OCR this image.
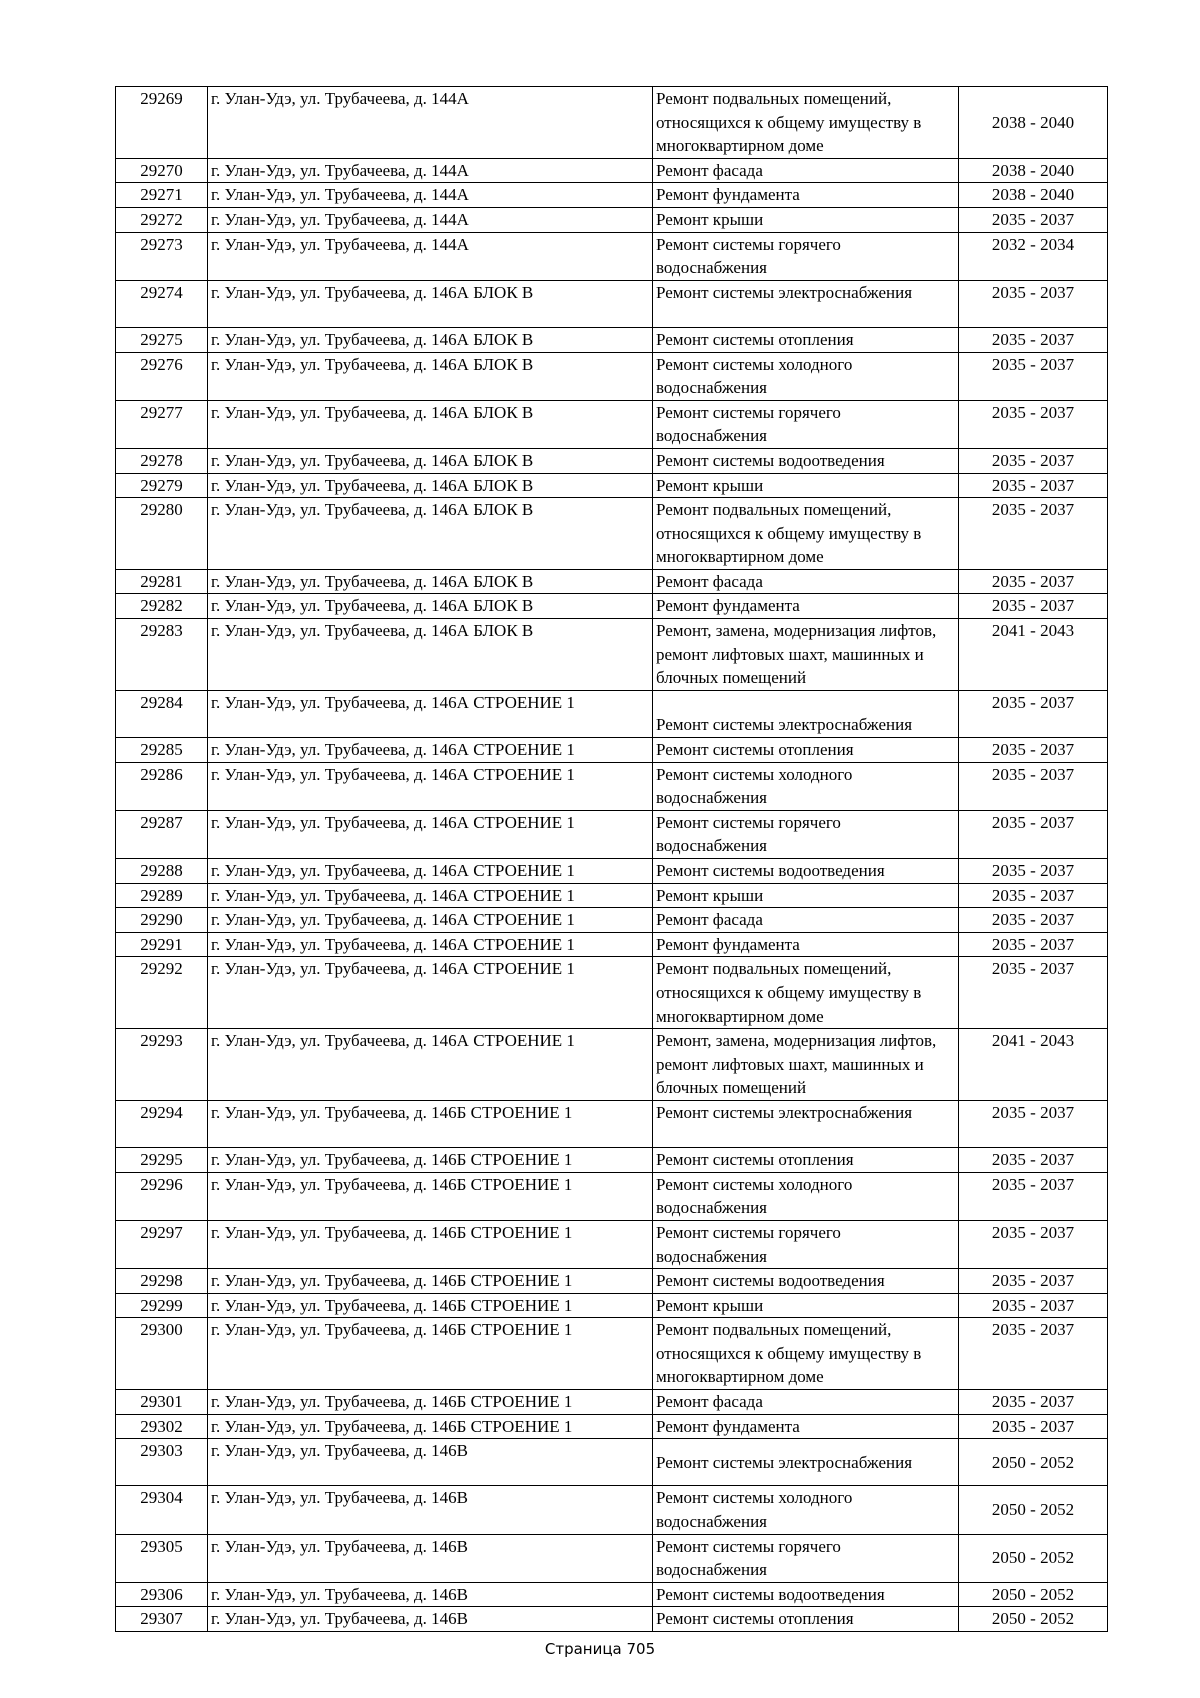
29269	г. Улан-Удэ, ул. Трубачеева, д. 144А	Ремонт подвальных помещений, относящихся к общему имуществу в многоквартирном доме	2038 - 2040
29270	г. Улан-Удэ, ул. Трубачеева, д. 144А	Ремонт фасада	2038 - 2040
29271	г. Улан-Удэ, ул. Трубачеева, д. 144А	Ремонт фундамента	2038 - 2040
29272	г. Улан-Удэ, ул. Трубачеева, д. 144А	Ремонт крыши	2035 - 2037
29273	г. Улан-Удэ, ул. Трубачеева, д. 144А	Ремонт системы горячего водоснабжения	2032 - 2034
29274	г. Улан-Удэ, ул. Трубачеева, д. 146А БЛОК В	Ремонт системы электроснабжения	2035 - 2037
29275	г. Улан-Удэ, ул. Трубачеева, д. 146А БЛОК В	Ремонт системы отопления	2035 - 2037
29276	г. Улан-Удэ, ул. Трубачеева, д. 146А БЛОК В	Ремонт системы холодного водоснабжения	2035 - 2037
29277	г. Улан-Удэ, ул. Трубачеева, д. 146А БЛОК В	Ремонт системы горячего водоснабжения	2035 - 2037
29278	г. Улан-Удэ, ул. Трубачеева, д. 146А БЛОК В	Ремонт системы водоотведения	2035 - 2037
29279	г. Улан-Удэ, ул. Трубачеева, д. 146А БЛОК В	Ремонт крыши	2035 - 2037
29280	г. Улан-Удэ, ул. Трубачеева, д. 146А БЛОК В	Ремонт подвальных помещений, относящихся к общему имуществу в многоквартирном доме	2035 - 2037
29281	г. Улан-Удэ, ул. Трубачеева, д. 146А БЛОК В	Ремонт фасада	2035 - 2037
29282	г. Улан-Удэ, ул. Трубачеева, д. 146А БЛОК В	Ремонт фундамента	2035 - 2037
29283	г. Улан-Удэ, ул. Трубачеева, д. 146А БЛОК В	Ремонт, замена, модернизация лифтов, ремонт лифтовых шахт, машинных и блочных помещений	2041 - 2043
29284	г. Улан-Удэ, ул. Трубачеева, д. 146А СТРОЕНИЕ 1	Ремонт системы электроснабжения	2035 - 2037
29285	г. Улан-Удэ, ул. Трубачеева, д. 146А СТРОЕНИЕ 1	Ремонт системы отопления	2035 - 2037
29286	г. Улан-Удэ, ул. Трубачеева, д. 146А СТРОЕНИЕ 1	Ремонт системы холодного водоснабжения	2035 - 2037
29287	г. Улан-Удэ, ул. Трубачеева, д. 146А СТРОЕНИЕ 1	Ремонт системы горячего водоснабжения	2035 - 2037
29288	г. Улан-Удэ, ул. Трубачеева, д. 146А СТРОЕНИЕ 1	Ремонт системы водоотведения	2035 - 2037
29289	г. Улан-Удэ, ул. Трубачеева, д. 146А СТРОЕНИЕ 1	Ремонт крыши	2035 - 2037
29290	г. Улан-Удэ, ул. Трубачеева, д. 146А СТРОЕНИЕ 1	Ремонт фасада	2035 - 2037
29291	г. Улан-Удэ, ул. Трубачеева, д. 146А СТРОЕНИЕ 1	Ремонт фундамента	2035 - 2037
29292	г. Улан-Удэ, ул. Трубачеева, д. 146А СТРОЕНИЕ 1	Ремонт подвальных помещений, относящихся к общему имуществу в многоквартирном доме	2035 - 2037
29293	г. Улан-Удэ, ул. Трубачеева, д. 146А СТРОЕНИЕ 1	Ремонт, замена, модернизация лифтов, ремонт лифтовых шахт, машинных и блочных помещений	2041 - 2043
29294	г. Улан-Удэ, ул. Трубачеева, д. 146Б СТРОЕНИЕ 1	Ремонт системы электроснабжения	2035 - 2037
29295	г. Улан-Удэ, ул. Трубачеева, д. 146Б СТРОЕНИЕ 1	Ремонт системы отопления	2035 - 2037
29296	г. Улан-Удэ, ул. Трубачеева, д. 146Б СТРОЕНИЕ 1	Ремонт системы холодного водоснабжения	2035 - 2037
29297	г. Улан-Удэ, ул. Трубачеева, д. 146Б СТРОЕНИЕ 1	Ремонт системы горячего водоснабжения	2035 - 2037
29298	г. Улан-Удэ, ул. Трубачеева, д. 146Б СТРОЕНИЕ 1	Ремонт системы водоотведения	2035 - 2037
29299	г. Улан-Удэ, ул. Трубачеева, д. 146Б СТРОЕНИЕ 1	Ремонт крыши	2035 - 2037
29300	г. Улан-Удэ, ул. Трубачеева, д. 146Б СТРОЕНИЕ 1	Ремонт подвальных помещений, относящихся к общему имуществу в многоквартирном доме	2035 - 2037
29301	г. Улан-Удэ, ул. Трубачеева, д. 146Б СТРОЕНИЕ 1	Ремонт фасада	2035 - 2037
29302	г. Улан-Удэ, ул. Трубачеева, д. 146Б СТРОЕНИЕ 1	Ремонт фундамента	2035 - 2037
29303	г. Улан-Удэ, ул. Трубачеева, д. 146В	Ремонт системы электроснабжения	2050 - 2052
29304	г. Улан-Удэ, ул. Трубачеева, д. 146В	Ремонт системы холодного водоснабжения	2050 - 2052
29305	г. Улан-Удэ, ул. Трубачеева, д. 146В	Ремонт системы горячего водоснабжения	2050 - 2052
29306	г. Улан-Удэ, ул. Трубачеева, д. 146В	Ремонт системы водоотведения	2050 - 2052
29307	г. Улан-Удэ, ул. Трубачеева, д. 146В	Ремонт системы отопления	2050 - 2052
Страница 705
